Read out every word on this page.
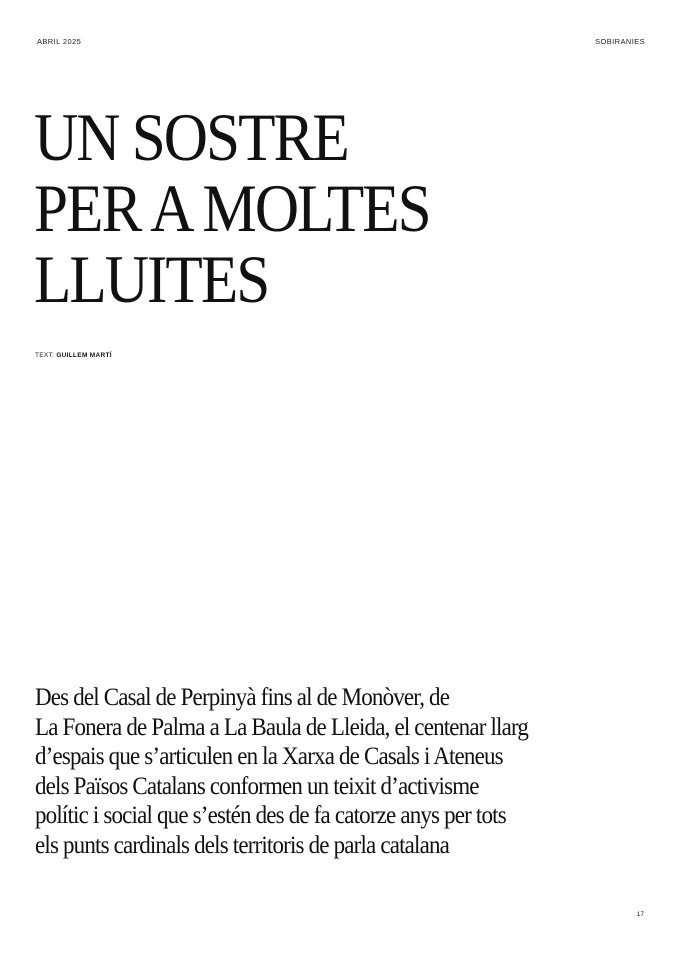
ABRIL 2025	SOBIRANIES
UN SOSTRE
PER A MOLTES
LLUITES
TEXT: GUILLEM MARTÍ

Des del Casal de Perpinyà fins al de Monòver, de
La Fonera de Palma a La Baula de Lleida, el centenar llarg
d’espais que s’articulen en la Xarxa de Casals i Ateneus
dels Països Catalans conformen un teixit d’activisme
polític i social que s’estén des de fa catorze anys per tots
els punts cardinals dels territoris de parla catalana

17
